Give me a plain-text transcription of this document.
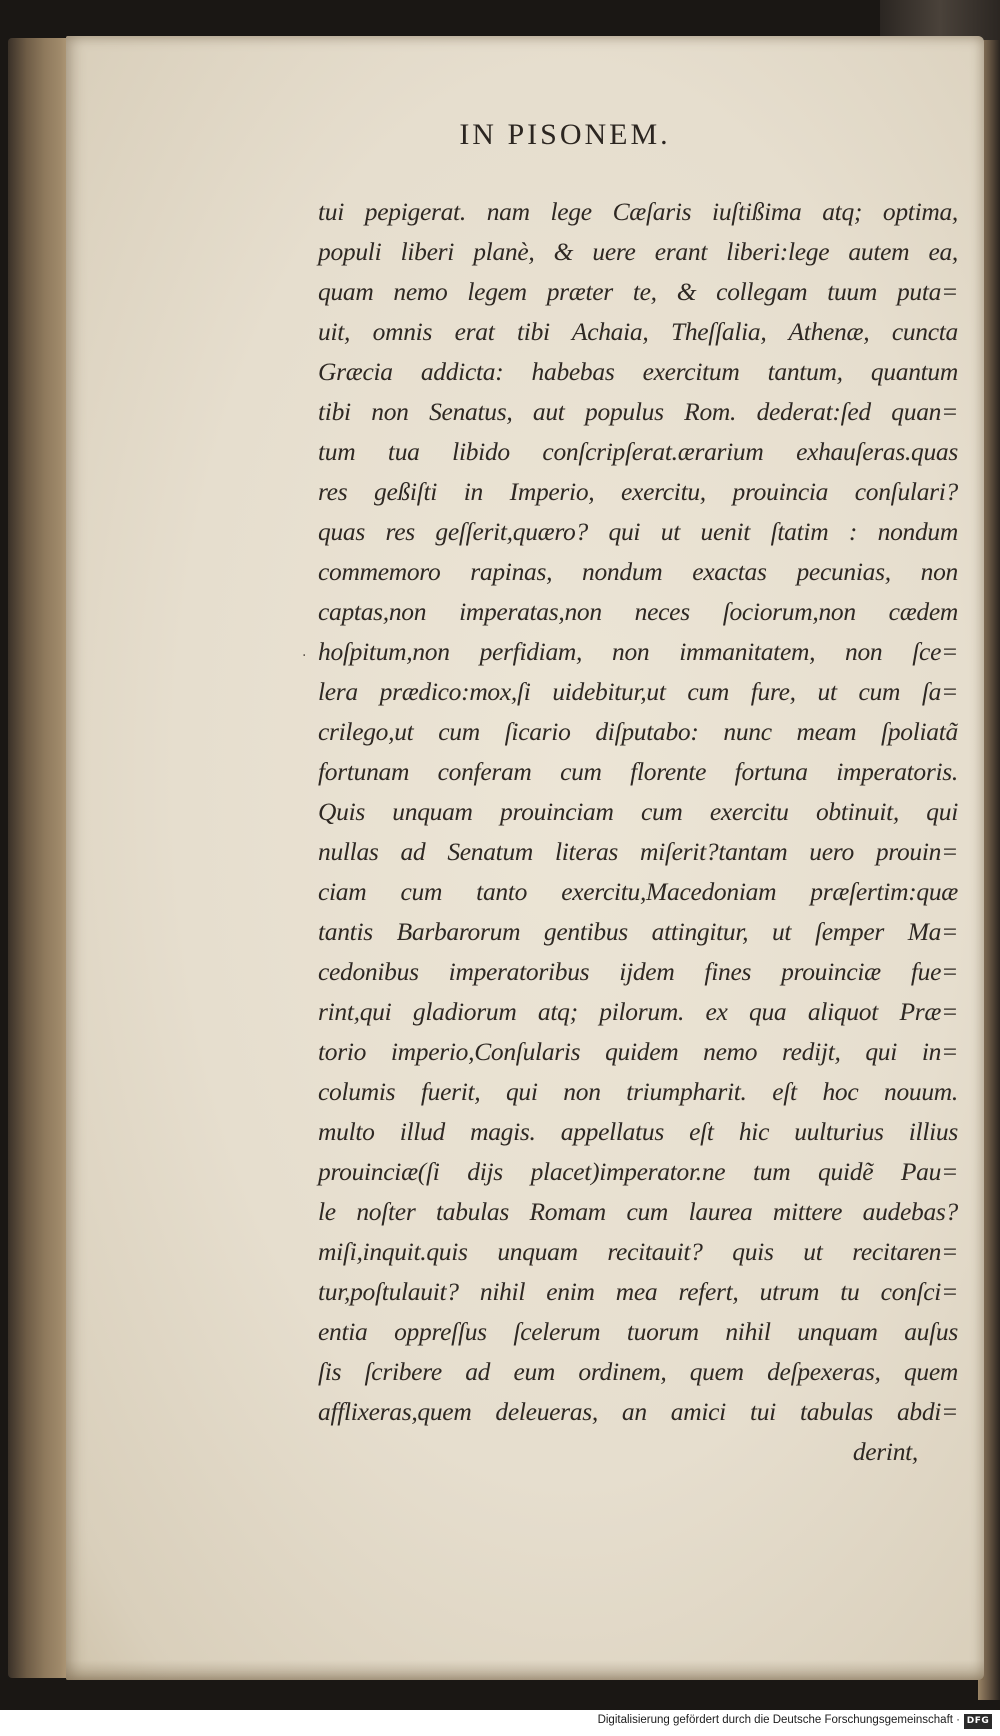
IN PISONEM.
·
tui pepigerat. nam lege Cæſaris iuſtißima atq; optima,
populi liberi planè, & uere erant liberi:lege autem ea,
quam nemo legem præter te, & collegam tuum puta=
uit, omnis erat tibi Achaia, Theſſalia, Athenæ, cuncta
Græcia addicta: habebas exercitum tantum, quantum
tibi non Senatus, aut populus Rom. dederat:ſed quan=
tum tua libido conſcripſerat.ærarium exhauſeras.quas
res geßiſti in Imperio, exercitu, prouincia conſulari?
quas res geſſerit,quæro? qui ut uenit ſtatim : nondum
commemoro rapinas, nondum exactas pecunias, non
captas,non imperatas,non neces ſociorum,non cædem
hoſpitum,non perfidiam, non immanitatem, non ſce=
lera prædico:mox,ſi uidebitur,ut cum fure, ut cum ſa=
crilego,ut cum ſicario diſputabo: nunc meam ſpoliatã
fortunam conferam cum florente fortuna imperatoris.
Quis unquam prouinciam cum exercitu obtinuit, qui
nullas ad Senatum literas miſerit?tantam uero prouin=
ciam cum tanto exercitu,Macedoniam præſertim:quæ
tantis Barbarorum gentibus attingitur, ut ſemper Ma=
cedonibus imperatoribus ijdem fines prouinciæ fue=
rint,qui gladiorum atq; pilorum. ex qua aliquot Præ=
torio imperio,Conſularis quidem nemo redijt, qui in=
columis fuerit, qui non triumpharit. eſt hoc nouum.
multo illud magis. appellatus eſt hic uulturius illius
prouinciæ(ſi dijs placet)imperator.ne tum quidẽ Pau=
le noſter tabulas Romam cum laurea mittere audebas?
miſi,inquit.quis unquam recitauit? quis ut recitaren=
tur,poſtulauit? nihil enim mea refert, utrum tu conſci=
entia oppreſſus ſcelerum tuorum nihil unquam auſus
ſis ſcribere ad eum ordinem, quem deſpexeras, quem
afflixeras,quem deleueras, an amici tui tabulas abdi=
derint,
Digitalisierung gefördert durch die Deutsche Forschungsgemeinschaft · DFG
